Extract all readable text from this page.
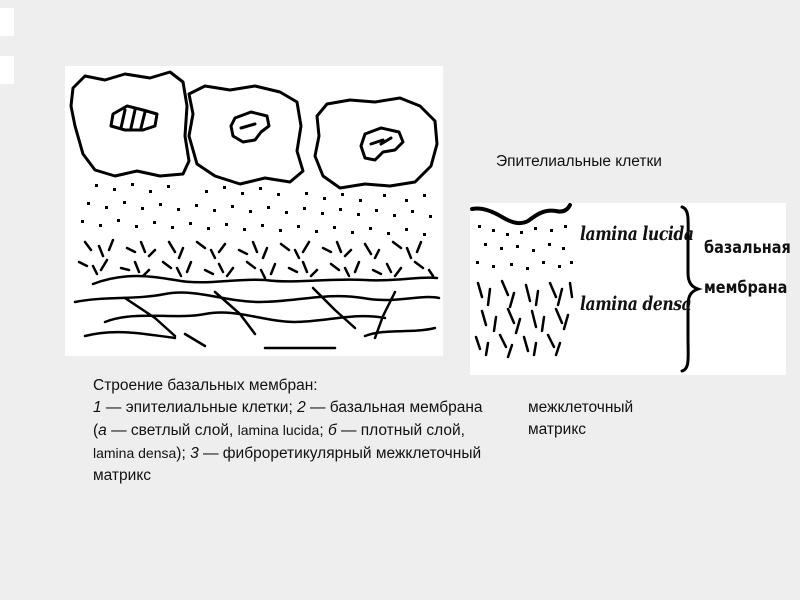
lamina lucida
lamina densa
базальная
мембрана
Эпителиальные клетки
межклеточный матрикс
Строение базальных мембран:
1 — эпителиальные клетки; 2 — базальная мембрана (а — светлый слой, lamina lucida; б — плотный слой, lamina densa); 3 — фиброретикулярный межклеточный матрикс
